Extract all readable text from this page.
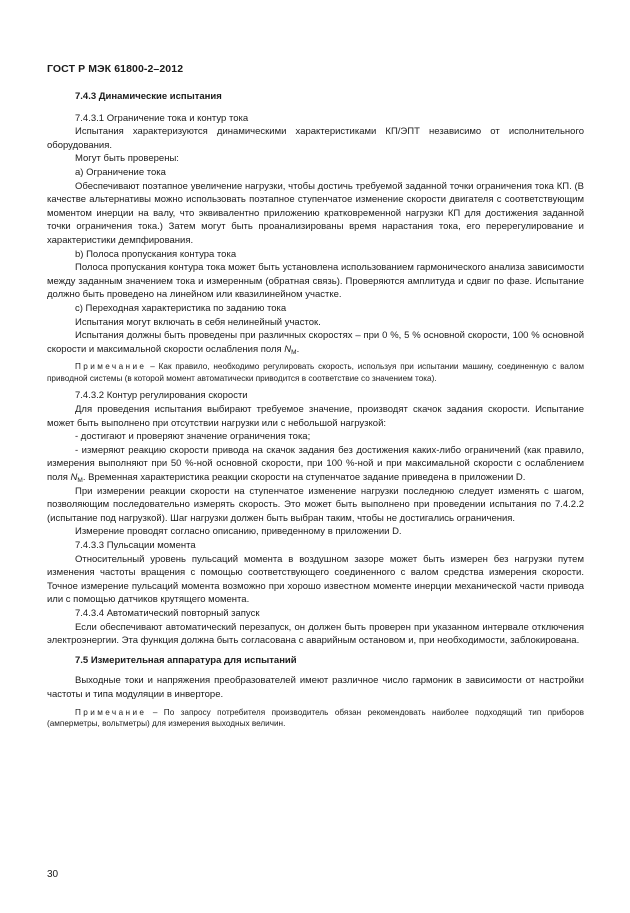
ГОСТ Р МЭК 61800-2–2012

7.4.3 Динамические испытания

7.4.3.1 Ограничение тока и контур тока

Испытания характеризуются динамическими характеристиками КП/ЭПТ независимо от исполнительного оборудования.

Могут быть проверены:

а) Ограничение тока

Обеспечивают поэтапное увеличение нагрузки, чтобы достичь требуемой заданной точки ограничения тока КП. (В качестве альтернативы можно использовать поэтапное ступенчатое изменение скорости двигателя с соответствующим моментом инерции на валу, что эквивалентно приложению кратковременной нагрузки КП для достижения заданной точки ограничения тока.) Затем могут быть проанализированы время нарастания тока, его перерегулирование и характеристики демпфирования.

b) Полоса пропускания контура тока

Полоса пропускания контура тока может быть установлена использованием гармонического анализа зависимости между заданным значением тока и измеренным (обратная связь). Проверяются амплитуда и сдвиг по фазе. Испытание должно быть проведено на линейном или квазилинейном участке.

с) Переходная характеристика по заданию тока

Испытания могут включать в себя нелинейный участок.

Испытания должны быть проведены при различных скоростях – при 0 %, 5 % основной скорости, 100 % основной скорости и максимальной скорости ослабления поля $N_M$.

Примечание – Как правило, необходимо регулировать скорость, используя при испытании машину, соединенную с валом приводной системы (в которой момент автоматически приводится в соответствие со значением тока).

7.4.3.2 Контур регулирования скорости

Для проведения испытания выбирают требуемое значение, производят скачок задания скорости. Испытание может быть выполнено при отсутствии нагрузки или с небольшой нагрузкой:

- достигают и проверяют значение ограничения тока;

- измеряют реакцию скорости привода на скачок задания без достижения каких-либо ограничений (как правило, измерения выполняют при 50 %-ной основной скорости, при 100 %-ной и при максимальной скорости с ослаблением поля $N_M$. Временная характеристика реакции скорости на ступенчатое задание приведена в приложении D.

При измерении реакции скорости на ступенчатое изменение нагрузки последнюю следует изменять с шагом, позволяющим последовательно измерять скорость. Это может быть выполнено при проведении испытания по 7.4.2.2 (испытание под нагрузкой). Шаг нагрузки должен быть выбран таким, чтобы не достигались ограничения.

Измерение проводят согласно описанию, приведенному в приложении D.

7.4.3.3 Пульсации момента

Относительный уровень пульсаций момента в воздушном зазоре может быть измерен без нагрузки путем изменения частоты вращения с помощью соответствующего соединенного с валом средства измерения скорости. Точное измерение пульсаций момента возможно при хорошо известном моменте инерции механической части привода или с помощью датчиков крутящего момента.

7.4.3.4 Автоматический повторный запуск

Если обеспечивают автоматический перезапуск, он должен быть проверен при указанном интервале отключения электроэнергии. Эта функция должна быть согласована с аварийным остановом и, при необходимости, заблокирована.

7.5 Измерительная аппаратура для испытаний

Выходные токи и напряжения преобразователей имеют различное число гармоник в зависимости от настройки частоты и типа модуляции в инверторе.

Примечание – По запросу потребителя производитель обязан рекомендовать наиболее подходящий тип приборов (амперметры, вольтметры) для измерения выходных величин.

30
